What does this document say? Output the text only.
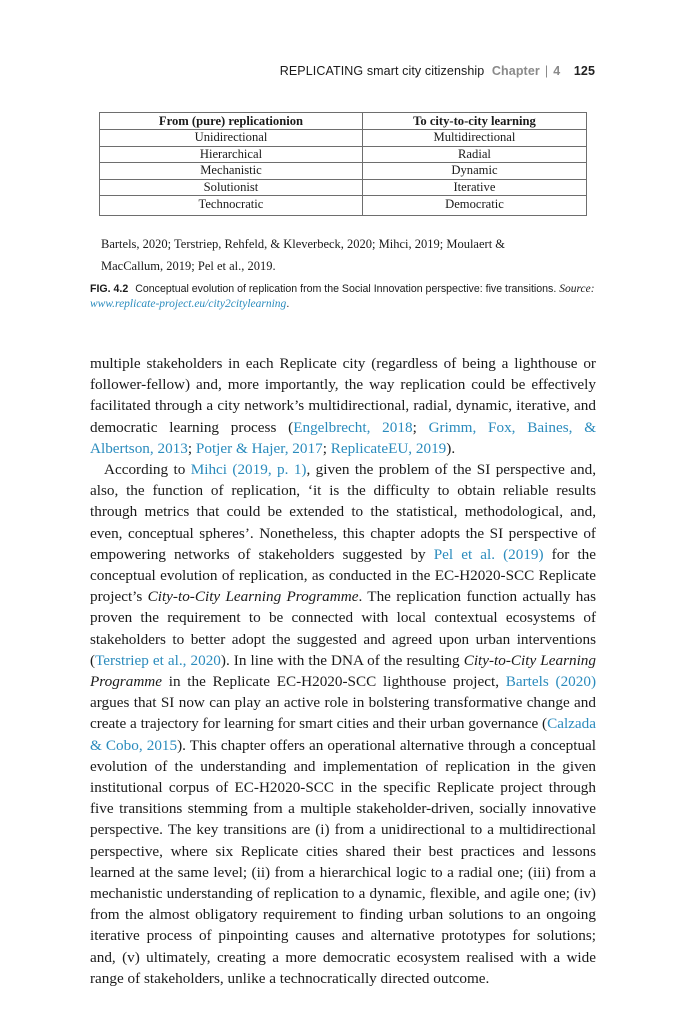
REPLICATING smart city citizenship Chapter | 4 125
From (pure) replicationion	To city-to-city learning
Unidirectional	Multidirectional
Hierarchical	Radial
Mechanistic	Dynamic
Solutionist	Iterative
Technocratic	Democratic
Bartels, 2020; Terstriep, Rehfeld, & Kleverbeck, 2020; Mihci, 2019; Moulaert &
MacCallum, 2019; Pel et al., 2019.
FIG. 4.2 Conceptual evolution of replication from the Social Innovation perspective: five transitions. Source: www.replicate-project.eu/city2citylearning.

multiple stakeholders in each Replicate city (regardless of being a lighthouse or follower-fellow) and, more importantly, the way replication could be effectively facilitated through a city network’s multidirectional, radial, dynamic, iterative, and democratic learning process (Engelbrecht, 2018; Grimm, Fox, Baines, & Albertson, 2013; Potjer & Hajer, 2017; ReplicateEU, 2019).

According to Mihci (2019, p. 1), given the problem of the SI perspective and, also, the function of replication, ‘it is the difficulty to obtain reliable results through metrics that could be extended to the statistical, methodological, and, even, conceptual spheres’. Nonetheless, this chapter adopts the SI perspective of empowering networks of stakeholders suggested by Pel et al. (2019) for the conceptual evolution of replication, as conducted in the EC-H2020-SCC Replicate project’s City-to-City Learning Programme. The replication function actually has proven the requirement to be connected with local contextual ecosystems of stakeholders to better adopt the suggested and agreed upon urban interventions (Terstriep et al., 2020). In line with the DNA of the resulting City-to-City Learning Programme in the Replicate EC-H2020-SCC lighthouse project, Bartels (2020) argues that SI now can play an active role in bolstering transformative change and create a trajectory for learning for smart cities and their urban governance (Calzada & Cobo, 2015). This chapter offers an operational alternative through a conceptual evolution of the understanding and implementation of replication in the given institutional corpus of EC-H2020-SCC in the specific Replicate project through five transitions stemming from a multiple stakeholder-driven, socially innovative perspective. The key transitions are (i) from a unidirectional to a multidirectional perspective, where six Replicate cities shared their best practices and lessons learned at the same level; (ii) from a hierarchical logic to a radial one; (iii) from a mechanistic understanding of replication to a dynamic, flexible, and agile one; (iv) from the almost obligatory requirement to finding urban solutions to an ongoing iterative process of pinpointing causes and alternative prototypes for solutions; and, (v) ultimately, creating a more democratic ecosystem realised with a wide range of stakeholders, unlike a technocratically directed outcome.
